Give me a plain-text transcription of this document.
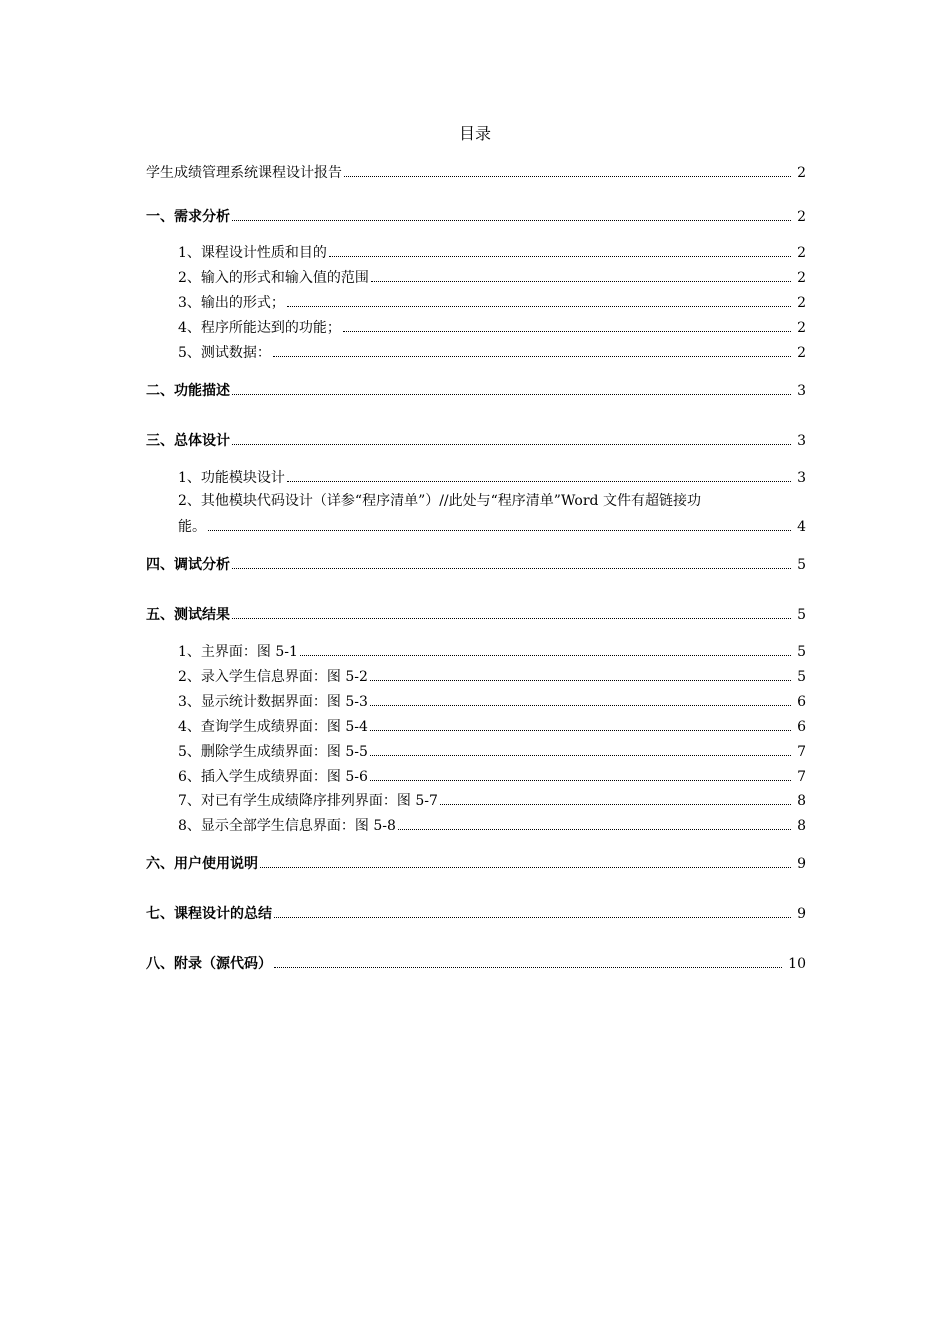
目录
学生成绩管理系统课程设计报告	2
一、需求分析	2
1、课程设计性质和目的	2
2、输入的形式和输入值的范围	2
3、输出的形式；	2
4、程序所能达到的功能；	2
5、测试数据：	2
二、功能描述	3
三、总体设计	3
1、功能模块设计	3
2、其他模块代码设计（详参“程序清单”）//此处与“程序清单”Word 文件有超链接功
能。	4
四、调试分析	5
五、测试结果	5
1、主界面：图 5-1	5
2、录入学生信息界面：图 5-2	5
3、显示统计数据界面：图 5-3	6
4、查询学生成绩界面：图 5-4	6
5、删除学生成绩界面：图 5-5	7
6、插入学生成绩界面：图 5-6	7
7、对已有学生成绩降序排列界面：图 5-7	8
8、显示全部学生信息界面：图 5-8	8
六、用户使用说明	9
七、课程设计的总结	9
八、附录（源代码）	10
